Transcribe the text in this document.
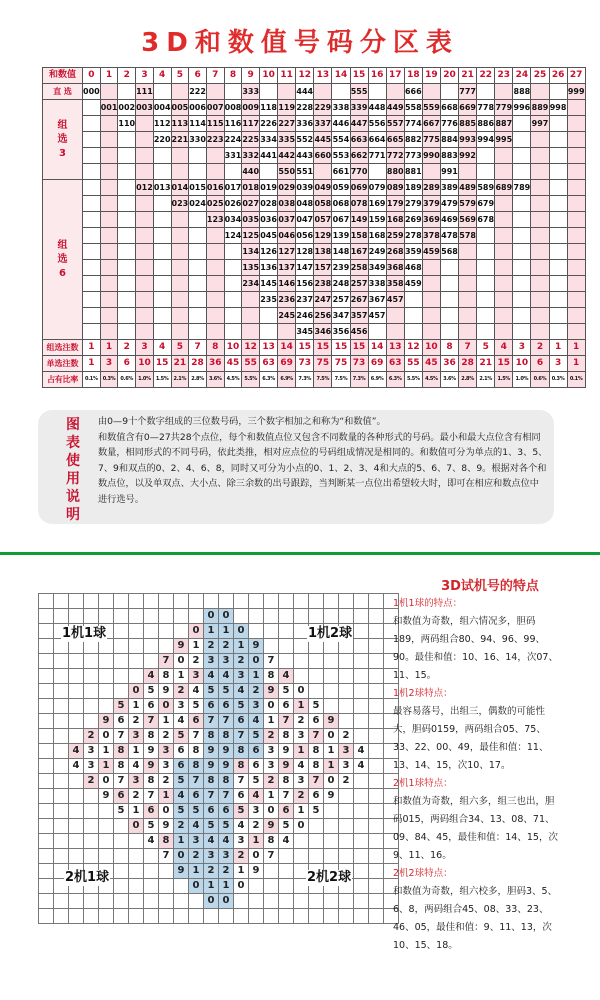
3D和数值号码分区表
和数值	0	1	2	3	4	5	6	7	8	9	10	11	12	13	14	15	16	17	18	19	20	21	22	23	24	25	26	27
直 选	000			111			222			333			444			555			666			777			888			999
组
选
3		001	002	003	004	005	006	007	008	009	118	119	228	229	338	339	448	449	558	559	668	669	778	779	996	889	998	
			110		112	113	114	115	116	117	226	227	336	337	446	447	556	557	774	667	776	885	886	887		997		
					220	221	330	223	224	225	334	335	552	445	554	663	664	665	882	775	884	993	994	995				
									331	332	441	442	443	660	553	662	771	772	773	990	883	992						
										440		550	551		661	770		880	881		991							
组
选
6				012	013	014	015	016	017	018	019	029	039	049	059	069	079	089	189	289	389	489	589	689	789			
						023	024	025	026	027	028	038	048	058	068	078	169	179	279	379	479	579	679					
								123	034	035	036	037	047	057	067	149	159	168	269	369	469	569	678					
									124	125	045	046	056	129	139	158	168	259	278	378	478	578						
										134	126	127	128	138	148	167	249	268	359	459	568							
										135	136	137	147	157	239	258	349	368	468									
										234	145	146	156	238	248	257	338	358	459									
											235	236	237	247	257	267	367	457										
												245	246	256	347	357	457											
													345	346	356	456												
组选注数	1	1	2	3	4	5	7	8	10	12	13	14	15	15	15	15	14	13	12	10	8	7	5	4	3	2	1	1
单选注数	1	3	6	10	15	21	28	36	45	55	63	69	73	75	75	73	69	63	55	45	36	28	21	15	10	6	3	1
占有比率	0.1%	0.3%	0.6%	1.0%	1.5%	2.1%	2.8%	3.6%	4.5%	5.5%	6.3%	6.9%	7.3%	7.5%	7.5%	7.3%	6.9%	6.3%	5.5%	4.5%	3.6%	2.8%	2.1%	1.5%	1.0%	0.6%	0.3%	0.1%
图
表
使
用
说
明

由0—9十个数字组成的三位数号码，三个数字相加之和称为“和数值”。

和数值含有0—27共28个点位，每个和数值点位又包含不同数量的各种形式的号码。最小和最大点位含有相同数量，相同形式的不同号码，依此类推，相对应点位的号码组成情况是相同的。和数值可分为单点的1、3、5、7、9和双点的0、2、4、6、8，同时又可分为小点的0、1、2、3、4和大点的5、6、7、8、9。根据对各个和数点位，以及单双点、大小点、除三余数的出号跟踪，当判断某一点位出希望较大时，即可在相应和数点位中进行选号。

											0	0											
										0	1	1	0										
									9	1	2	2	1	9									
								7	0	2	3	3	2	0	7								
							4	8	1	3	4	4	3	1	8	4							
						0	5	9	2	4	5	5	4	2	9	5	0						
					5	1	6	0	3	5	6	6	5	3	0	6	1	5					
				9	6	2	7	1	4	6	7	7	6	4	1	7	2	6	9				
			2	0	7	3	8	2	5	7	8	8	7	5	2	8	3	7	0	2			
		4	3	1	8	1	9	3	6	8	9	9	8	6	3	9	1	8	1	3	4		
		4	3	1	8	4	9	3	6	8	9	9	8	6	3	9	4	8	1	3	4		
			2	0	7	3	8	2	5	7	8	8	7	5	2	8	3	7	0	2			
				9	6	2	7	1	4	6	7	7	6	4	1	7	2	6	9				
					5	1	6	0	5	5	6	6	5	3	0	6	1	5					
						0	5	9	2	4	5	5	4	2	9	5	0						
							4	8	1	3	4	4	3	1	8	4							
								7	0	2	3	3	2	0	7								
									9	1	2	2	1	9									
										0	1	1	0										
											0	0											

1机1球	1机2球
2机1球	2机2球
3D试机号的特点
1机1球的特点：
和数值为奇数，组六情况多，胆码189，两码组合80、94、96、99、90。最佳和值：10、16、14，次07、11、15。
1机2球特点：
最容易落号，出组三，偶数的可能性大，胆码0159，两码组合05、75、33、22、00、49，最佳和值：11、13、14、15，次10、17。
2机1球特点：
和数值为奇数，组六多，组三也出，胆码015，两码组合34、13、08、71、09、84、45，最佳和值：14、15，次9、11、16。
2机2球特点：
和数值为奇数，组六校多，胆码3、5、6、8，两码组合45、08、33、23、46、05，最佳和值：9、11、13，次10、15、18。
